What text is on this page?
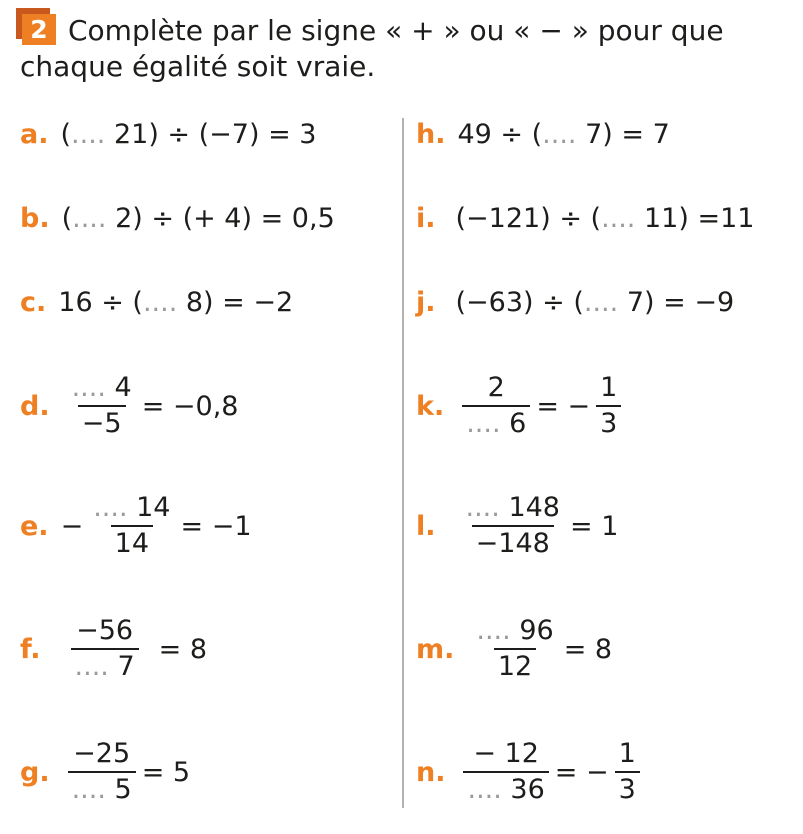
2 Complète par le signe « + » ou « − » pour que chaque égalité soit vraie.
a. ( .... 21) ÷ (−7) = 3
b. ( .... 2) ÷ (+ 4) = 0,5
c. 16 ÷ ( .... 8) = −2
d. $\frac{.... 4}{-5} = -0,8$
e. − $\frac{.... 14}{14} = -1$
f. $\frac{-56}{.... 7} = 8$
g. $\frac{-25}{.... 5} = 5$
h. 49 ÷ ( .... 7) = 7
i. (−121) ÷ ( .... 11) =11
j. (−63) ÷ ( .... 7) = −9
k. $\frac{2}{.... 6}$ = − $\frac{1}{3}$
l. $\frac{.... 148}{-148} = 1$
m. $\frac{.... 96}{12} = 8$
n. $\frac{- 12}{.... 36}$ = − $\frac{1}{3}$
